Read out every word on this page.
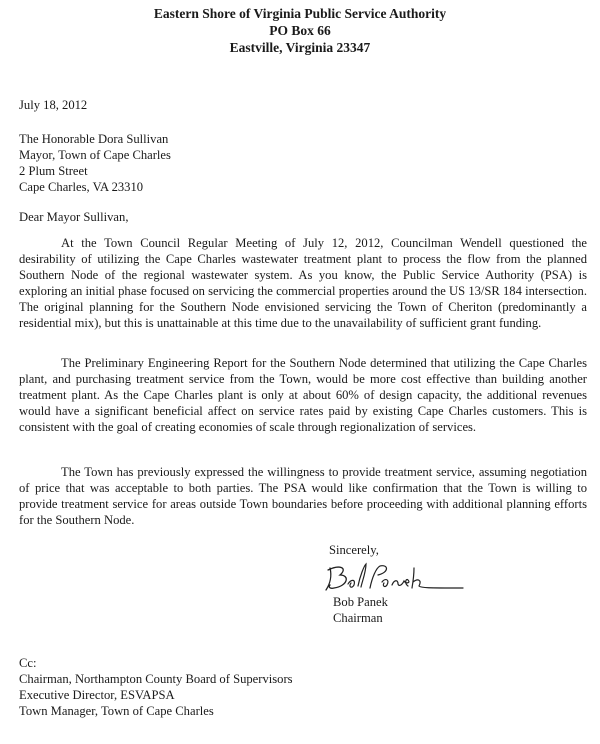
Eastern Shore of Virginia Public Service Authority
PO Box 66
Eastville, Virginia 23347
July 18, 2012
The Honorable Dora Sullivan
Mayor, Town of Cape Charles
2 Plum Street
Cape Charles, VA 23310
Dear Mayor Sullivan,

At the Town Council Regular Meeting of July 12, 2012, Councilman Wendell questioned the desirability of utilizing the Cape Charles wastewater treatment plant to process the flow from the planned Southern Node of the regional wastewater system. As you know, the Public Service Authority (PSA) is exploring an initial phase focused on servicing the commercial properties around the US 13/SR 184 intersection. The original planning for the Southern Node envisioned servicing the Town of Cheriton (predominantly a residential mix), but this is unattainable at this time due to the unavailability of sufficient grant funding.

The Preliminary Engineering Report for the Southern Node determined that utilizing the Cape Charles plant, and purchasing treatment service from the Town, would be more cost effective than building another treatment plant. As the Cape Charles plant is only at about 60% of design capacity, the additional revenues would have a significant beneficial affect on service rates paid by existing Cape Charles customers. This is consistent with the goal of creating economies of scale through regionalization of services.

The Town has previously expressed the willingness to provide treatment service, assuming negotiation of price that was acceptable to both parties. The PSA would like confirmation that the Town is willing to provide treatment service for areas outside Town boundaries before proceeding with additional planning efforts for the Southern Node.

Sincerely,
Bob Panek
Chairman
Cc:
Chairman, Northampton County Board of Supervisors
Executive Director, ESVAPSA
Town Manager, Town of Cape Charles
